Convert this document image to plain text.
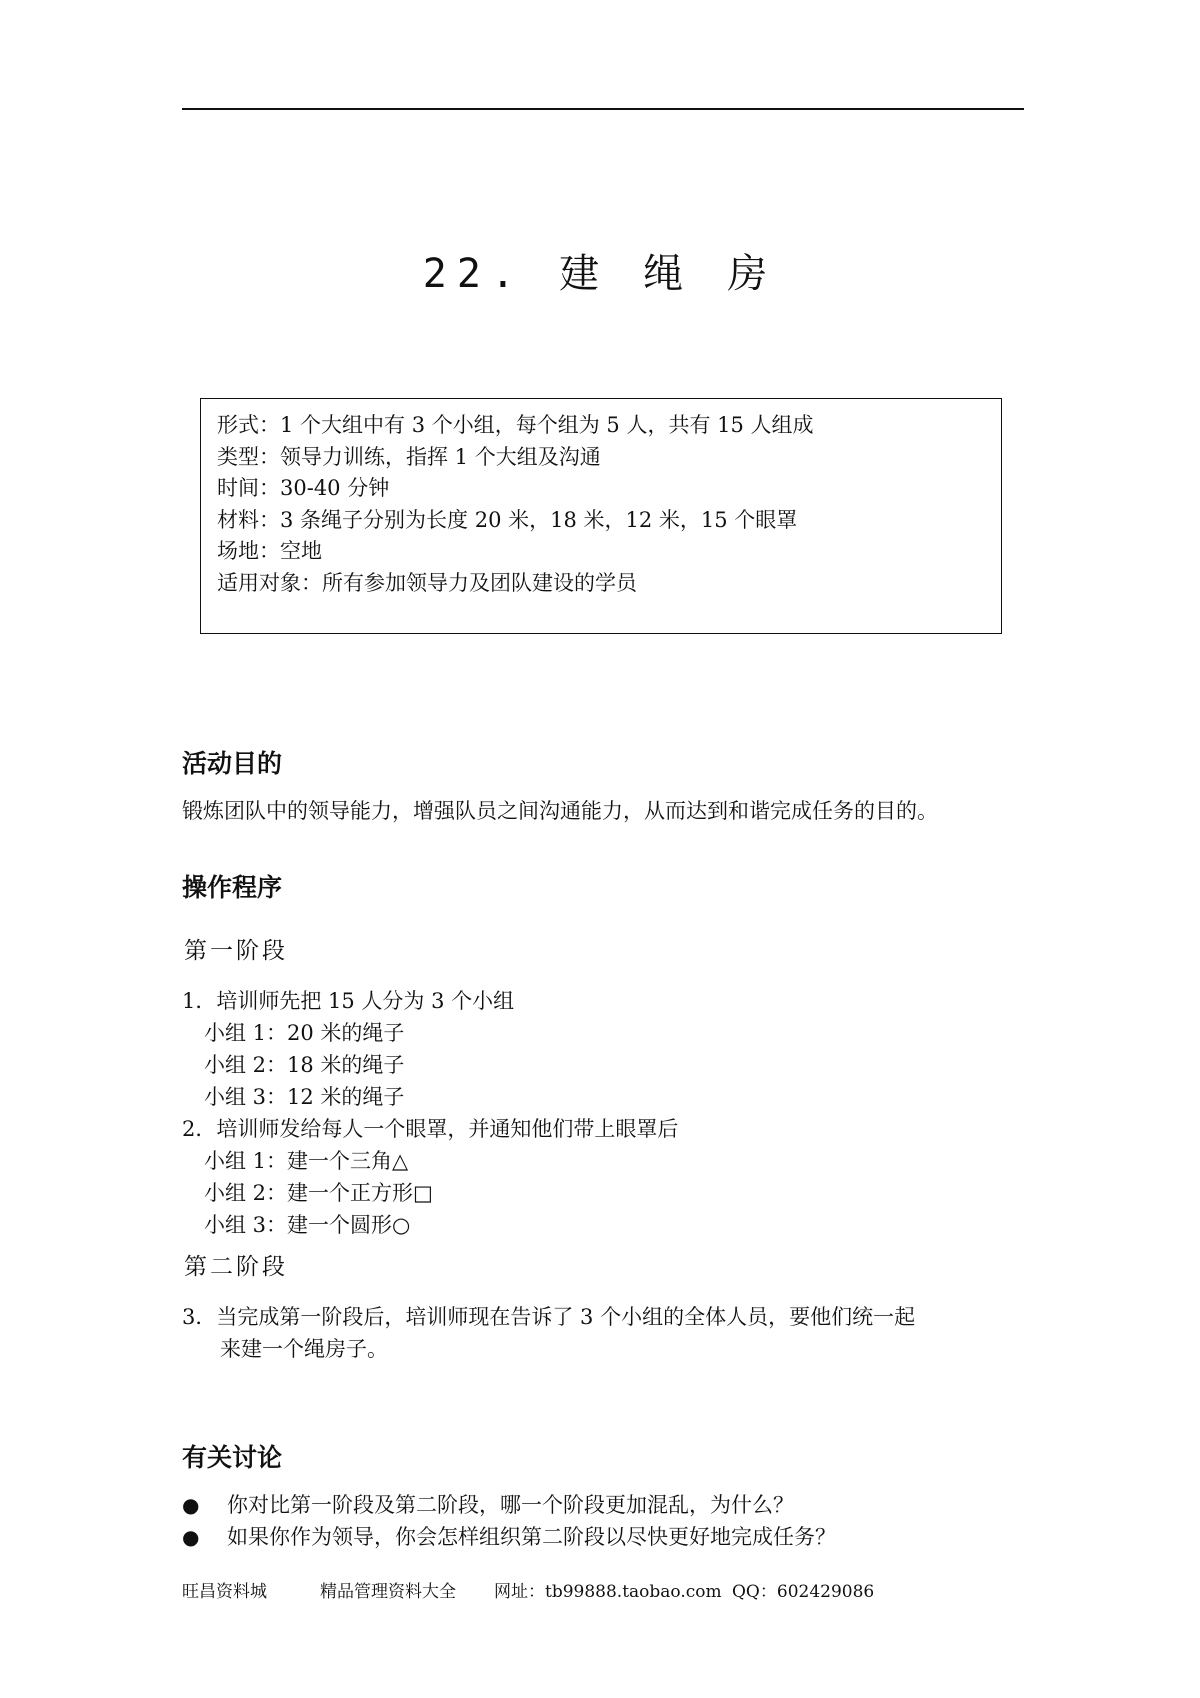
22. 建 绳 房
形式：1 个大组中有 3 个小组，每个组为 5 人，共有 15 人组成
类型：领导力训练，指挥 1 个大组及沟通
时间：30-40 分钟
材料：3 条绳子分别为长度 20 米，18 米，12 米，15 个眼罩
场地：空地
适用对象：所有参加领导力及团队建设的学员
活动目的
锻炼团队中的领导能力，增强队员之间沟通能力，从而达到和谐完成任务的目的。
操作程序
第一阶段
1．培训师先把 15 人分为 3 个小组
小组 1：20 米的绳子
小组 2：18 米的绳子
小组 3：12 米的绳子
2．培训师发给每人一个眼罩，并通知他们带上眼罩后
小组 1：建一个三角△
小组 2：建一个正方形□
小组 3：建一个圆形○
第二阶段
3．当完成第一阶段后，培训师现在告诉了 3 个小组的全体人员，要他们统一起
来建一个绳房子。
有关讨论
●	你对比第一阶段及第二阶段，哪一个阶段更加混乱，为什么？
●	如果你作为领导，你会怎样组织第二阶段以尽快更好地完成任务？
旺昌资料城	精品管理资料大全 网址：tb99888.taobao.com QQ：602429086
